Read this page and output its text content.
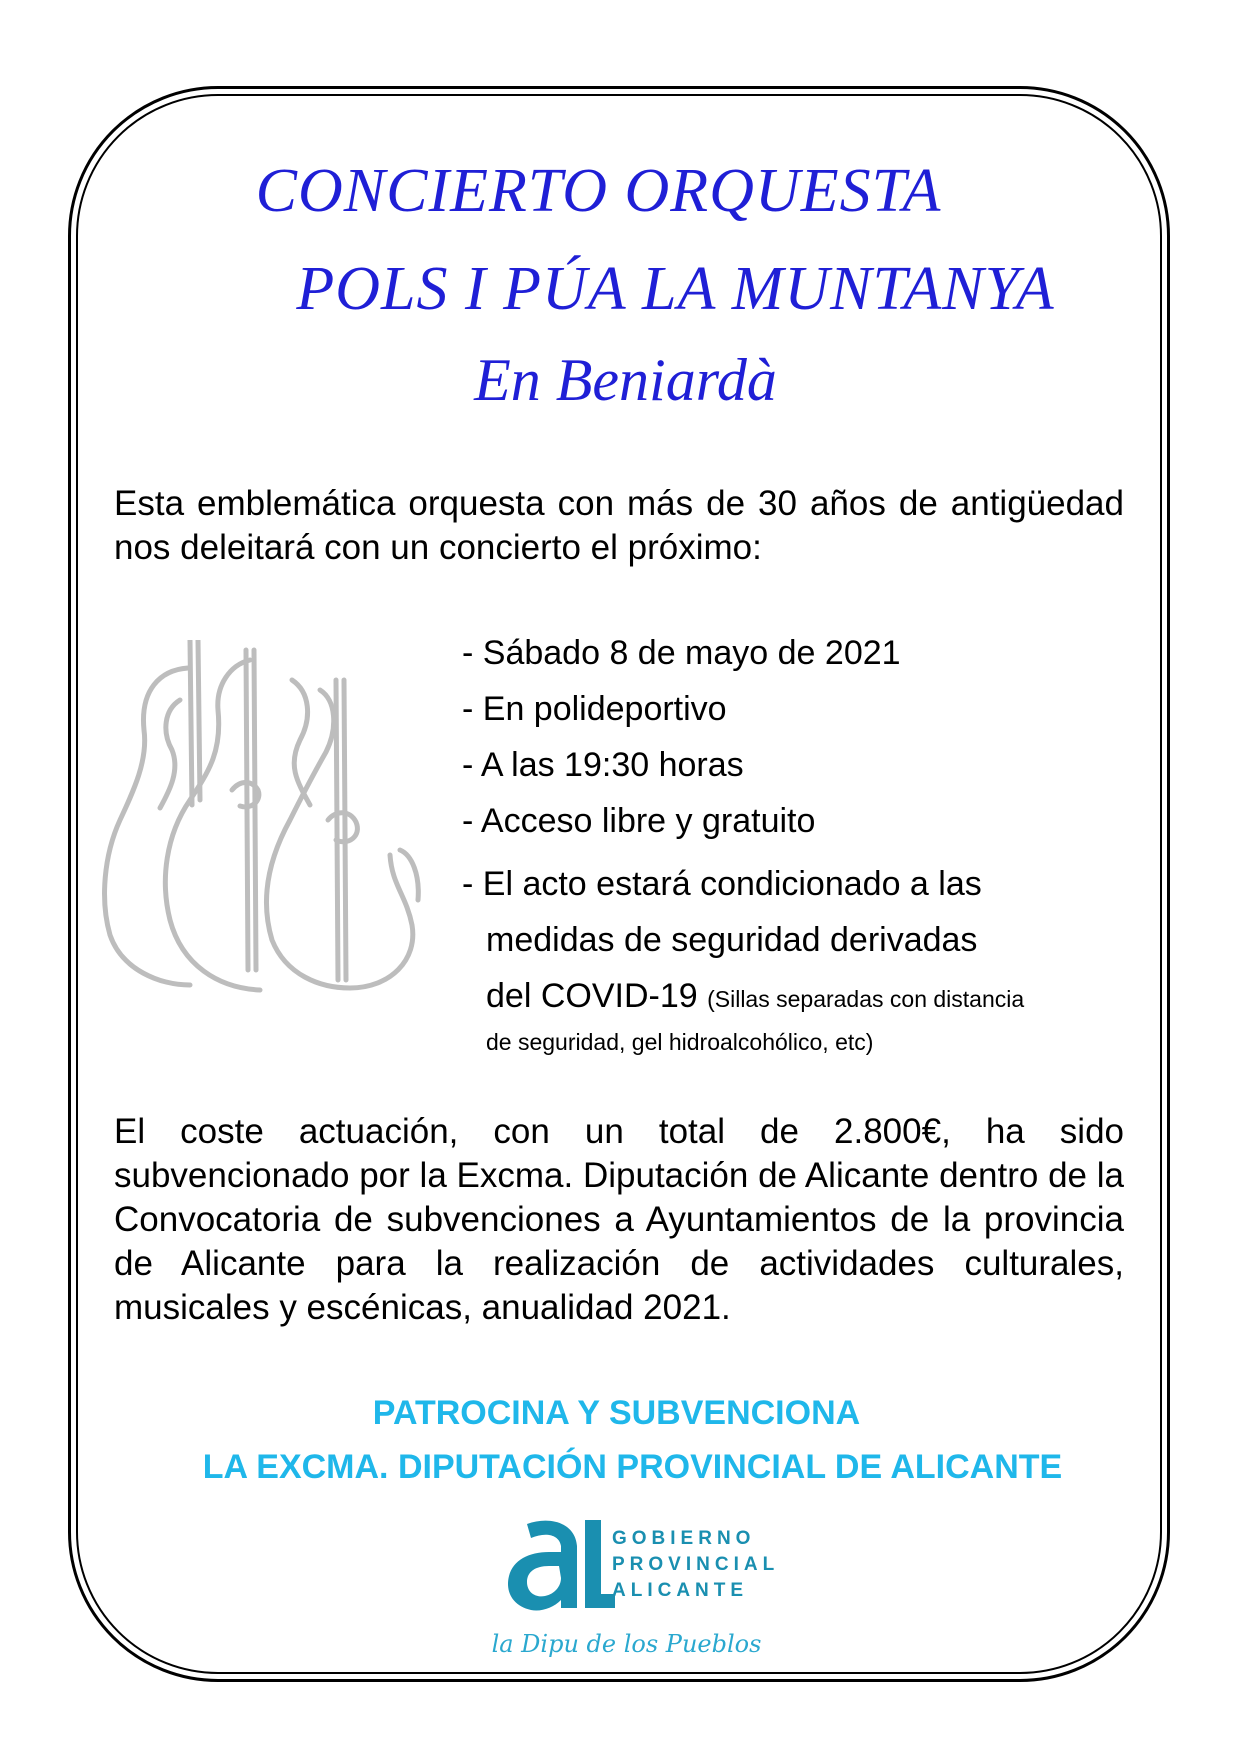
CONCIERTO ORQUESTA
POLS I PÚA LA MUNTANYA
En Beniardà

Esta emblemática orquesta con más de 30 años de antigüedad nos deleitará con un concierto el próximo:

- Sábado 8 de mayo de 2021
- En polideportivo
- A las 19:30 horas
- Acceso libre y gratuito
- El acto estará condicionado a las
medidas de seguridad derivadas
del COVID-19 (Sillas separadas con distancia
de seguridad, gel hidroalcohólico, etc)

El coste actuación, con un total de 2.800€, ha sido subvencionado por la Excma. Diputación de Alicante dentro de la Convocatoria de subvenciones a Ayuntamientos de la provincia de Alicante para la realización de actividades culturales, musicales y escénicas, anualidad 2021.

PATROCINA Y SUBVENCIONA

LA EXCMA. DIPUTACIÓN PROVINCIAL DE ALICANTE

GOBIERNO
PROVINCIAL
ALICANTE

la Dipu de los Pueblos
